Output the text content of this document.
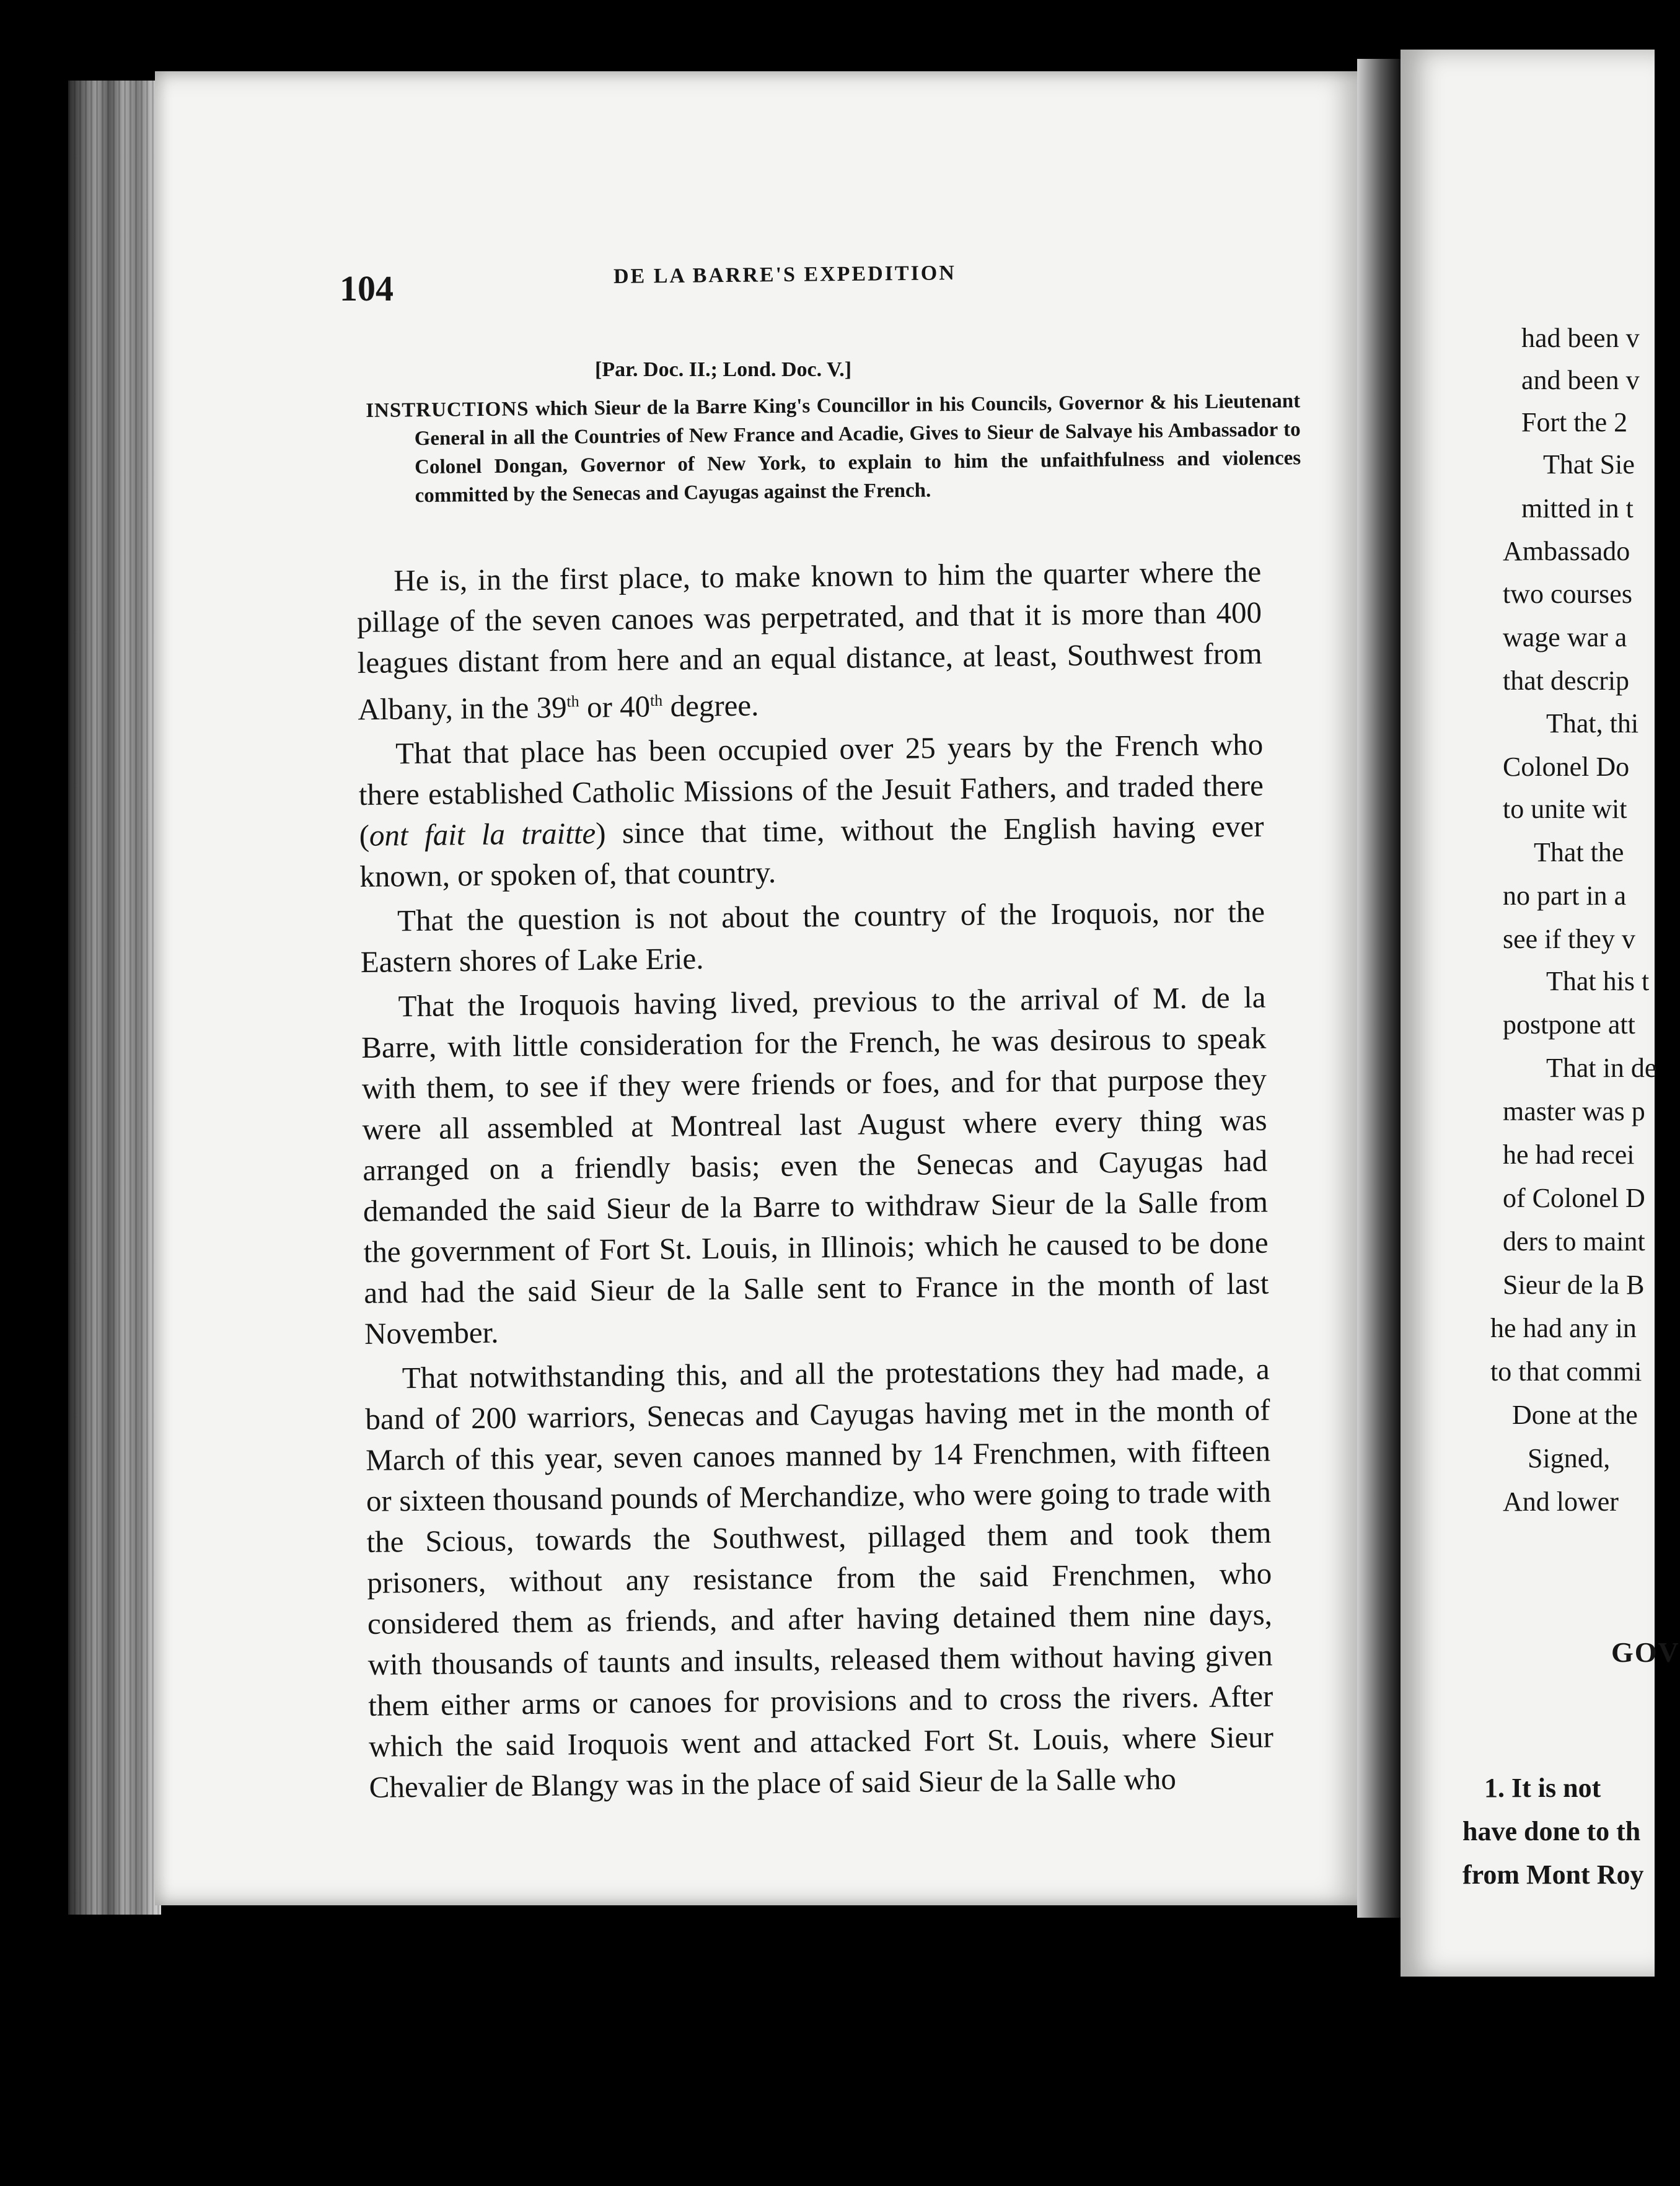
104	DE LA BARRE'S EXPEDITION
[Par. Doc. II.; Lond. Doc. V.]
INSTRUCTIONS which Sieur de la Barre King's Councillor in his Councils, Governor & his Lieutenant General in all the Countries of New France and Acadie, Gives to Sieur de Salvaye his Ambassador to Colonel Dongan, Governor of New York, to explain to him the unfaithfulness and violences committed by the Senecas and Cayugas against the French.

He is, in the first place, to make known to him the quarter where the pillage of the seven canoes was perpetrated, and that it is more than 400 leagues distant from here and an equal distance, at least, Southwest from Albany, in the 39th or 40th degree.

That that place has been occupied over 25 years by the French who there established Catholic Missions of the Jesuit Fathers, and traded there (ont fait la traitte) since that time, without the English having ever known, or spoken of, that country.

That the question is not about the country of the Iroquois, nor the Eastern shores of Lake Erie.

That the Iroquois having lived, previous to the arrival of M. de la Barre, with little consideration for the French, he was desirous to speak with them, to see if they were friends or foes, and for that purpose they were all assembled at Montreal last August where every thing was arranged on a friendly basis; even the Senecas and Cayugas had demanded the said Sieur de la Barre to withdraw Sieur de la Salle from the government of Fort St. Louis, in Illinois; which he caused to be done and had the said Sieur de la Salle sent to France in the month of last November.

That notwithstanding this, and all the protestations they had made, a band of 200 warriors, Senecas and Cayugas having met in the month of March of this year, seven canoes manned by 14 Frenchmen, with fifteen or sixteen thousand pounds of Merchandize, who were going to trade with the Scious, towards the Southwest, pillaged them and took them prisoners, without any resistance from the said Frenchmen, who considered them as friends, and after having detained them nine days, with thousands of taunts and insults, released them without having given them either arms or canoes for provisions and to cross the rivers. After which the said Iroquois went and attacked Fort St. Louis, where Sieur Chevalier de Blangy was in the place of said Sieur de la Salle who

had been v
and been v
Fort the 2
That Sie
mitted in t
Ambassado
two courses
wage war a
that descrip
That, thi
Colonel Do
to unite wit
That the
no part in a
see if they v
That his t
postpone att
That in de
master was p
he had recei
of Colonel D
ders to maint
Sieur de la B
he had any in
to that commi
Done at the
Signed,
And lower
GOV
1. It is not
have done to th
from Mont Roy
